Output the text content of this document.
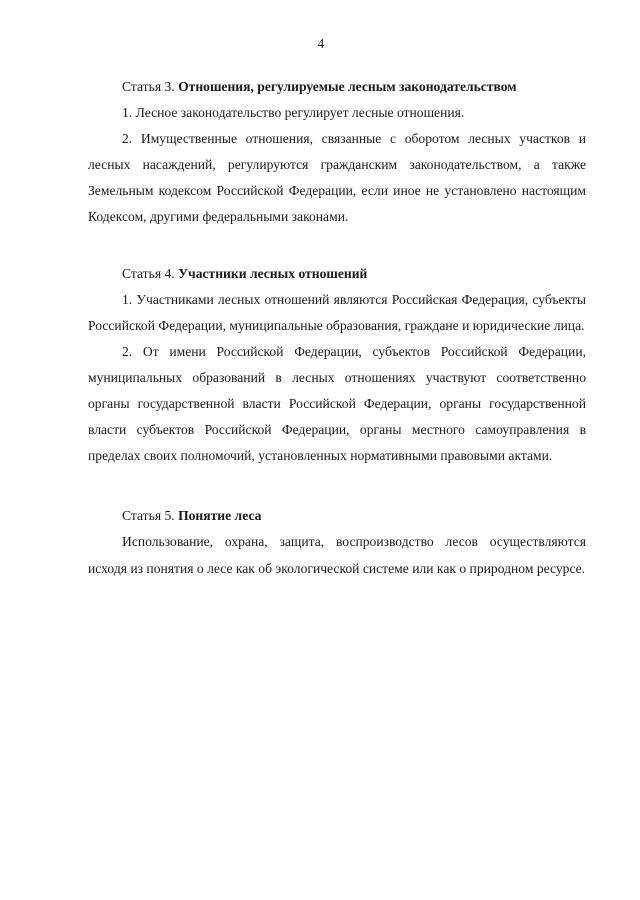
4

Статья 3. Отношения, регулируемые лесным законодательством

1. Лесное законодательство регулирует лесные отношения.

2. Имущественные отношения, связанные с оборотом лесных участков и лесных насаждений, регулируются гражданским законодательством, а также Земельным кодексом Российской Федерации, если иное не установлено настоящим Кодексом, другими федеральными законами.

Статья 4. Участники лесных отношений

1. Участниками лесных отношений являются Российская Федерация, субъекты Российской Федерации, муниципальные образования, граждане и юридические лица.

2. От имени Российской Федерации, субъектов Российской Федерации, муниципальных образований в лесных отношениях участвуют соответственно органы государственной власти Российской Федерации, органы государственной власти субъектов Российской Федерации, органы местного самоуправления в пределах своих полномочий, установленных нормативными правовыми актами.

Статья 5. Понятие леса

Использование, охрана, защита, воспроизводство лесов осуществляются исходя из понятия о лесе как об экологической системе или как о природном ресурсе.
